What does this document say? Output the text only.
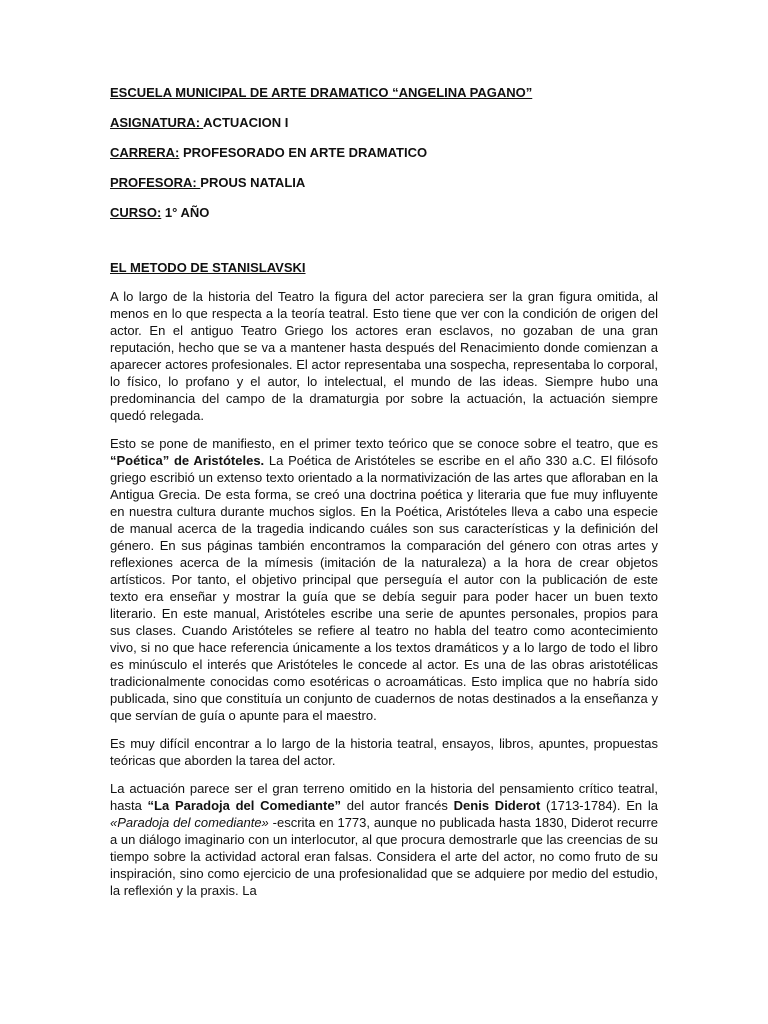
ESCUELA MUNICIPAL DE ARTE DRAMATICO “ANGELINA PAGANO”
ASIGNATURA: ACTUACION I
CARRERA: PROFESORADO EN ARTE DRAMATICO
PROFESORA: PROUS NATALIA
CURSO: 1° AÑO
EL METODO DE STANISLAVSKI

A lo largo de la historia del Teatro la figura del actor pareciera ser la gran figura omitida, al menos en lo que respecta a la teoría teatral. Esto tiene que ver con la condición de origen del actor. En el antiguo Teatro Griego los actores eran esclavos, no gozaban de una gran reputación, hecho que se va a mantener hasta después del Renacimiento donde comienzan a aparecer actores profesionales. El actor representaba una sospecha, representaba lo corporal, lo físico, lo profano y el autor, lo intelectual, el mundo de las ideas. Siempre hubo una predominancia del campo de la dramaturgia por sobre la actuación, la actuación siempre quedó relegada.

Esto se pone de manifiesto, en el primer texto teórico que se conoce sobre el teatro, que es “Poética” de Aristóteles. La Poética de Aristóteles se escribe en el año 330 a.C. El filósofo griego escribió un extenso texto orientado a la normativización de las artes que afloraban en la Antigua Grecia. De esta forma, se creó una doctrina poética y literaria que fue muy influyente en nuestra cultura durante muchos siglos. En la Poética, Aristóteles lleva a cabo una especie de manual acerca de la tragedia indicando cuáles son sus características y la definición del género. En sus páginas también encontramos la comparación del género con otras artes y reflexiones acerca de la mímesis (imitación de la naturaleza) a la hora de crear objetos artísticos. Por tanto, el objetivo principal que perseguía el autor con la publicación de este texto era enseñar y mostrar la guía que se debía seguir para poder hacer un buen texto literario. En este manual, Aristóteles escribe una serie de apuntes personales, propios para sus clases. Cuando Aristóteles se refiere al teatro no habla del teatro como acontecimiento vivo, si no que hace referencia únicamente a los textos dramáticos y a lo largo de todo el libro es minúsculo el interés que Aristóteles le concede al actor. Es una de las obras aristotélicas tradicionalmente conocidas como esotéricas o acroamáticas. Esto implica que no habría sido publicada, sino que constituía un conjunto de cuadernos de notas destinados a la enseñanza y que servían de guía o apunte para el maestro.

Es muy difícil encontrar a lo largo de la historia teatral, ensayos, libros, apuntes, propuestas teóricas que aborden la tarea del actor.

La actuación parece ser el gran terreno omitido en la historia del pensamiento crítico teatral, hasta “La Paradoja del Comediante” del autor francés Denis Diderot (1713-1784). En la «Paradoja del comediante» -escrita en 1773, aunque no publicada hasta 1830, Diderot recurre a un diálogo imaginario con un interlocutor, al que procura demostrarle que las creencias de su tiempo sobre la actividad actoral eran falsas. Considera el arte del actor, no como fruto de su inspiración, sino como ejercicio de una profesionalidad que se adquiere por medio del estudio, la reflexión y la praxis. La
